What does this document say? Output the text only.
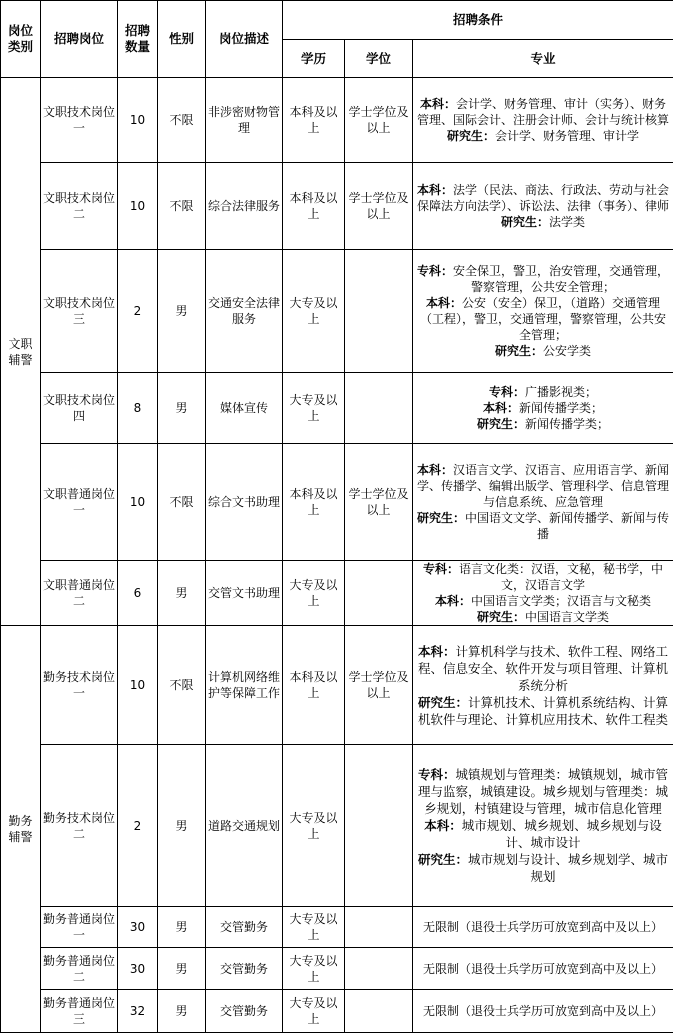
岗位类别	招聘岗位	招聘数量	性别	岗位描述	招聘条件		
					学历	学位	专业
文职辅警	文职技术岗位一	10	不限	非涉密财物管理	本科及以上	学士学位及以上	本科：会计学、财务管理、审计（实务）、财务管理、国际会计、注册会计师、会计与统计核算
研究生：会计学、财务管理、审计学

	文职技术岗位二	10	不限	综合法律服务	本科及以上	学士学位及以上	本科：法学（民法、商法、行政法、劳动与社会保障法方向法学）、诉讼法、法律（事务）、律师
研究生：法学类

	文职技术岗位三	2	男	交通安全法律服务	大专及以上		专科：安全保卫，警卫，治安管理，交通管理，警察管理，公共安全管理；
本科：公安（安全）保卫，（道路）交通管理（工程），警卫，交通管理，警察管理，公共安全管理；
研究生：公安学类

	文职技术岗位四	8	男	媒体宣传	大专及以上		专科：广播影视类；
本科：新闻传播学类；
研究生：新闻传播学类；

	文职普通岗位一	10	不限	综合文书助理	本科及以上	学士学位及以上	本科：汉语言文学、汉语言、应用语言学、新闻学、传播学、编辑出版学、管理科学、信息管理与信息系统、应急管理
研究生：中国语文文学、新闻传播学、新闻与传播

	文职普通岗位二	6	男	交管文书助理	大专及以上		专科：语言文化类：汉语，文秘，秘书学，中文，汉语言文学
本科：中国语言文学类；汉语言与文秘类
研究生：中国语言文学类

勤务辅警	勤务技术岗位一	10	不限	计算机网络维护等保障工作	本科及以上	学士学位及以上	本科：计算机科学与技术、软件工程、网络工程、信息安全、软件开发与项目管理、计算机系统分析
研究生：计算机技术、计算机系统结构、计算机软件与理论、计算机应用技术、软件工程类

	勤务技术岗位二	2	男	道路交通规划	大专及以上		专科：城镇规划与管理类：城镇规划，城市管理与监察，城镇建设。城乡规划与管理类：城乡规划，村镇建设与管理，城市信息化管理
本科：城市规划、城乡规划、城乡规划与设计、城市设计
研究生：城市规划与设计、城乡规划学、城市规划

	勤务普通岗位一	30	男	交管勤务	大专及以上		无限制（退役士兵学历可放宽到高中及以上）
	勤务普通岗位二	30	男	交管勤务	大专及以上		无限制（退役士兵学历可放宽到高中及以上）
	勤务普通岗位三	32	男	交管勤务	大专及以上		无限制（退役士兵学历可放宽到高中及以上）
